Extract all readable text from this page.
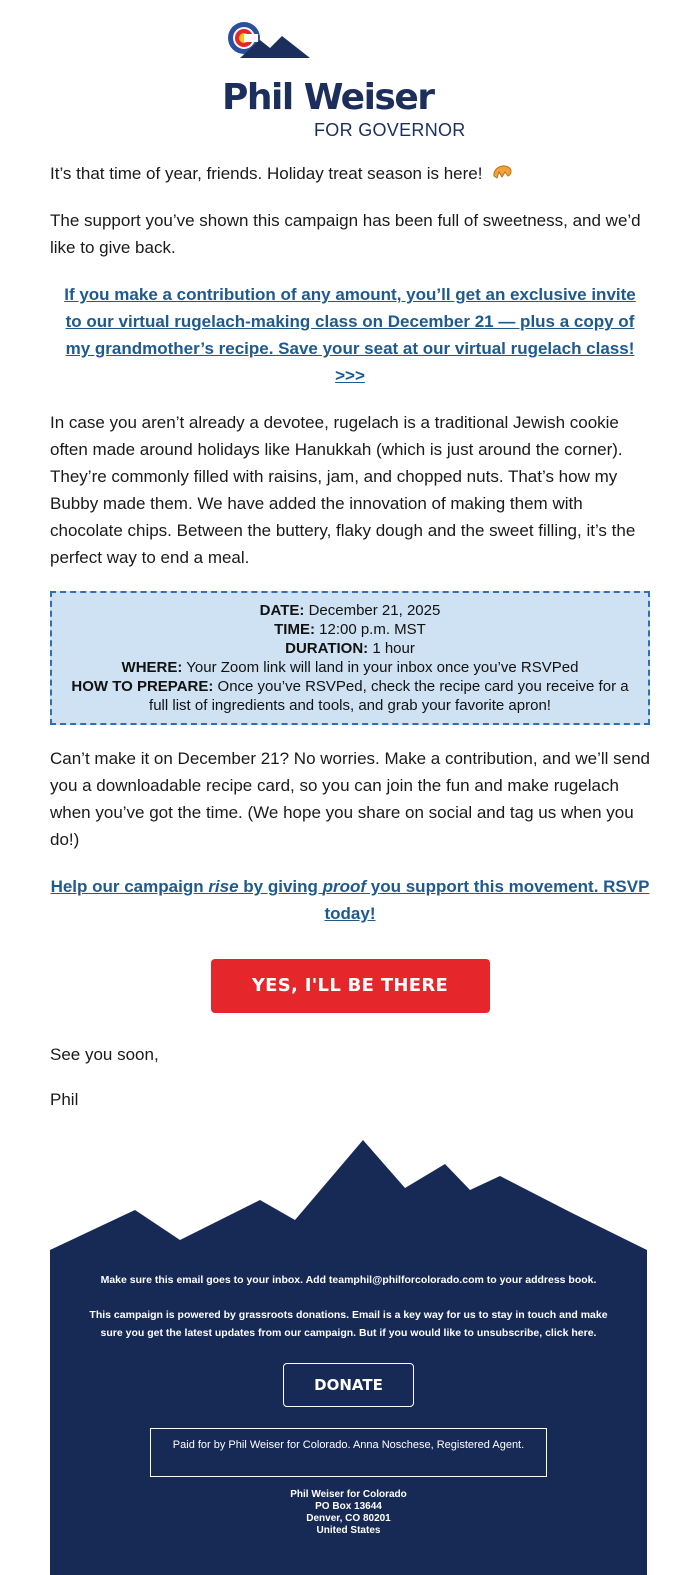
Phil Weiser
FOR GOVERNOR

It’s that time of year, friends. Holiday treat season is here!

The support you’ve shown this campaign has been full of sweetness, and we’d like to give back.

If you make a contribution of any amount, you’ll get an exclusive invite to our virtual rugelach-making class on December 21 — plus a copy of my grandmother’s recipe. Save your seat at our virtual rugelach class! >>>

In case you aren’t already a devotee, rugelach is a traditional Jewish cookie often made around holidays like Hanukkah (which is just around the corner). They’re commonly filled with raisins, jam, and chopped nuts. That’s how my Bubby made them. We have added the innovation of making them with chocolate chips. Between the buttery, flaky dough and the sweet filling, it’s the perfect way to end a meal.

DATE: December 21, 2025
TIME: 12:00 p.m. MST
DURATION: 1 hour
WHERE: Your Zoom link will land in your inbox once you’ve RSVPed
HOW TO PREPARE: Once you’ve RSVPed, check the recipe card you receive for a full list of ingredients and tools, and grab your favorite apron!

Can’t make it on December 21? No worries. Make a contribution, and we’ll send you a downloadable recipe card, so you can join the fun and make rugelach when you’ve got the time. (We hope you share on social and tag us when you do!)

Help our campaign rise by giving proof you support this movement. RSVP today!
YES, I'LL BE THERE

See you soon,

Phil

Make sure this email goes to your inbox. Add teamphil@philforcolorado.com to your address book.
This campaign is powered by grassroots donations. Email is a key way for us to stay in touch and make sure you get the latest updates from our campaign. But if you would like to unsubscribe, click here.
DONATE
Paid for by Phil Weiser for Colorado. Anna Noschese, Registered Agent.
Phil Weiser for Colorado
PO Box 13644
Denver, CO 80201
United States
